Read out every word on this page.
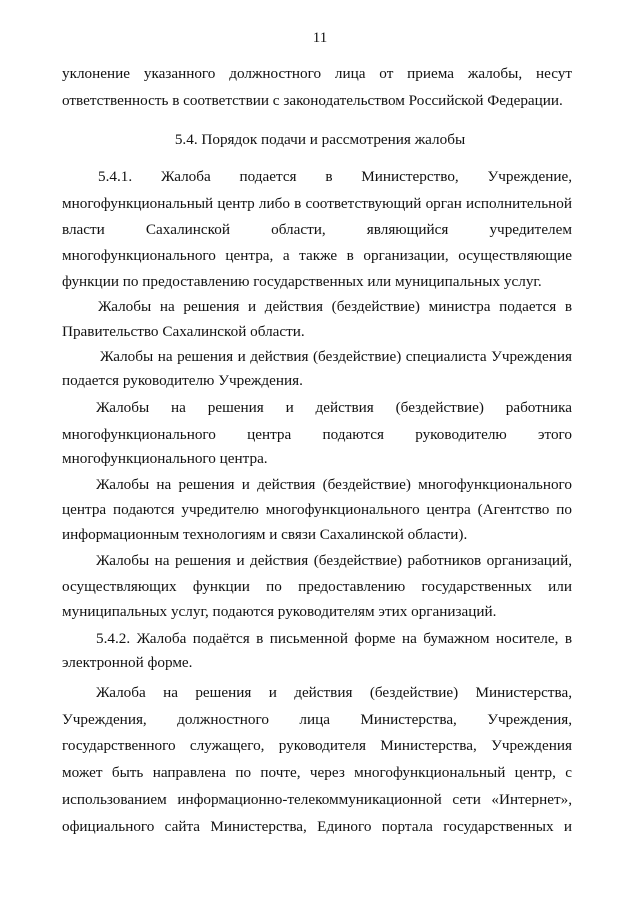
11
уклонение указанного должностного лица от приема жалобы, несут
ответственность в соответствии с законодательством Российской Федерации.
5.4. Порядок подачи и рассмотрения жалобы
5.4.1. Жалоба подается в Министерство, Учреждение,
многофункциональный центр либо в соответствующий орган исполнительной
власти Сахалинской области, являющийся учредителем
многофункционального центра, а также в организации, осуществляющие
функции по предоставлению государственных или муниципальных услуг.
Жалобы на решения и действия (бездействие) министра подается в
Правительство Сахалинской области.
Жалобы на решения и действия (бездействие) специалиста Учреждения
подается руководителю Учреждения.
Жалобы на решения и действия (бездействие) работника
многофункционального центра подаются руководителю этого
многофункционального центра.
Жалобы на решения и действия (бездействие) многофункционального
центра подаются учредителю многофункционального центра (Агентство по
информационным технологиям и связи Сахалинской области).
Жалобы на решения и действия (бездействие) работников организаций,
осуществляющих функции по предоставлению государственных или
муниципальных услуг, подаются руководителям этих организаций.
5.4.2. Жалоба подаётся в письменной форме на бумажном носителе, в
электронной форме.
Жалоба на решения и действия (бездействие) Министерства,
Учреждения, должностного лица Министерства, Учреждения,
государственного служащего, руководителя Министерства, Учреждения
может быть направлена по почте, через многофункциональный центр, с
использованием информационно-телекоммуникационной сети «Интернет»,
официального сайта Министерства, Единого портала государственных и
